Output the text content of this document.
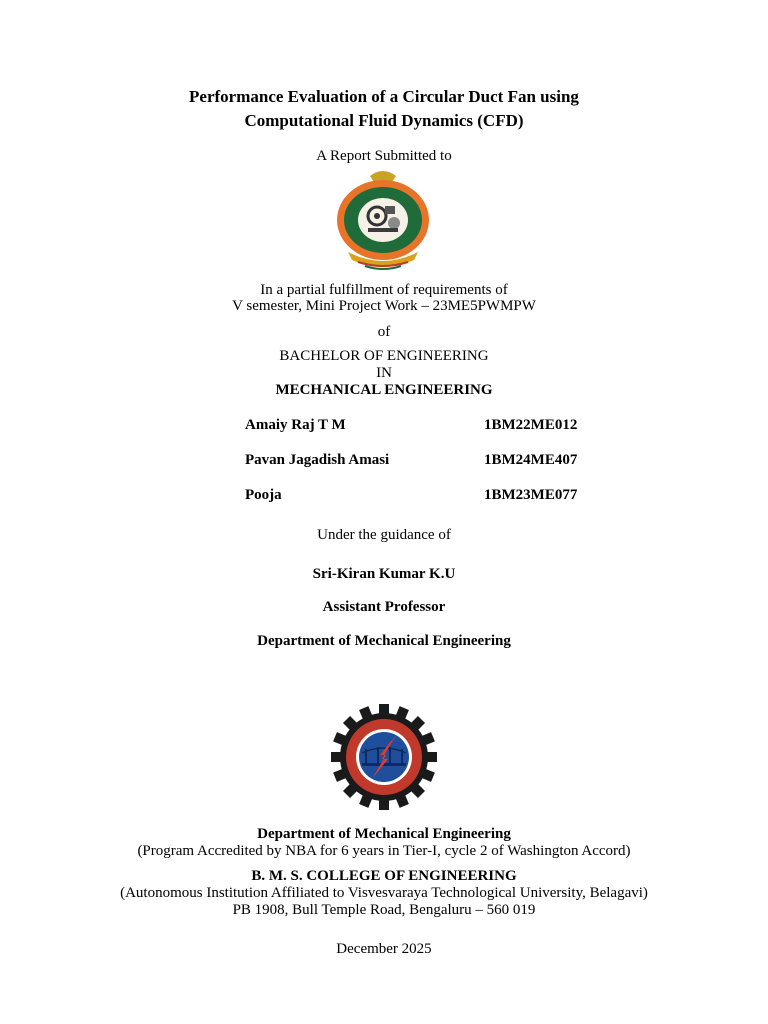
Performance Evaluation of a Circular Duct Fan using
Computational Fluid Dynamics (CFD)
A Report Submitted to
In a partial fulfillment of requirements of
V semester, Mini Project Work – 23ME5PWMPW
of
BACHELOR OF ENGINEERING
IN
MECHANICAL ENGINEERING
Amaiy Raj T M	1BM22ME012
Pavan Jagadish Amasi	1BM24ME407
Pooja	1BM23ME077
Under the guidance of
Sri-Kiran Kumar K.U
Assistant Professor
Department of Mechanical Engineering
Department of Mechanical Engineering
(Program Accredited by NBA for 6 years in Tier-I, cycle 2 of Washington Accord)
B. M. S. COLLEGE OF ENGINEERING
(Autonomous Institution Affiliated to Visvesvaraya Technological University, Belagavi)
PB 1908, Bull Temple Road, Bengaluru – 560 019
December 2025
